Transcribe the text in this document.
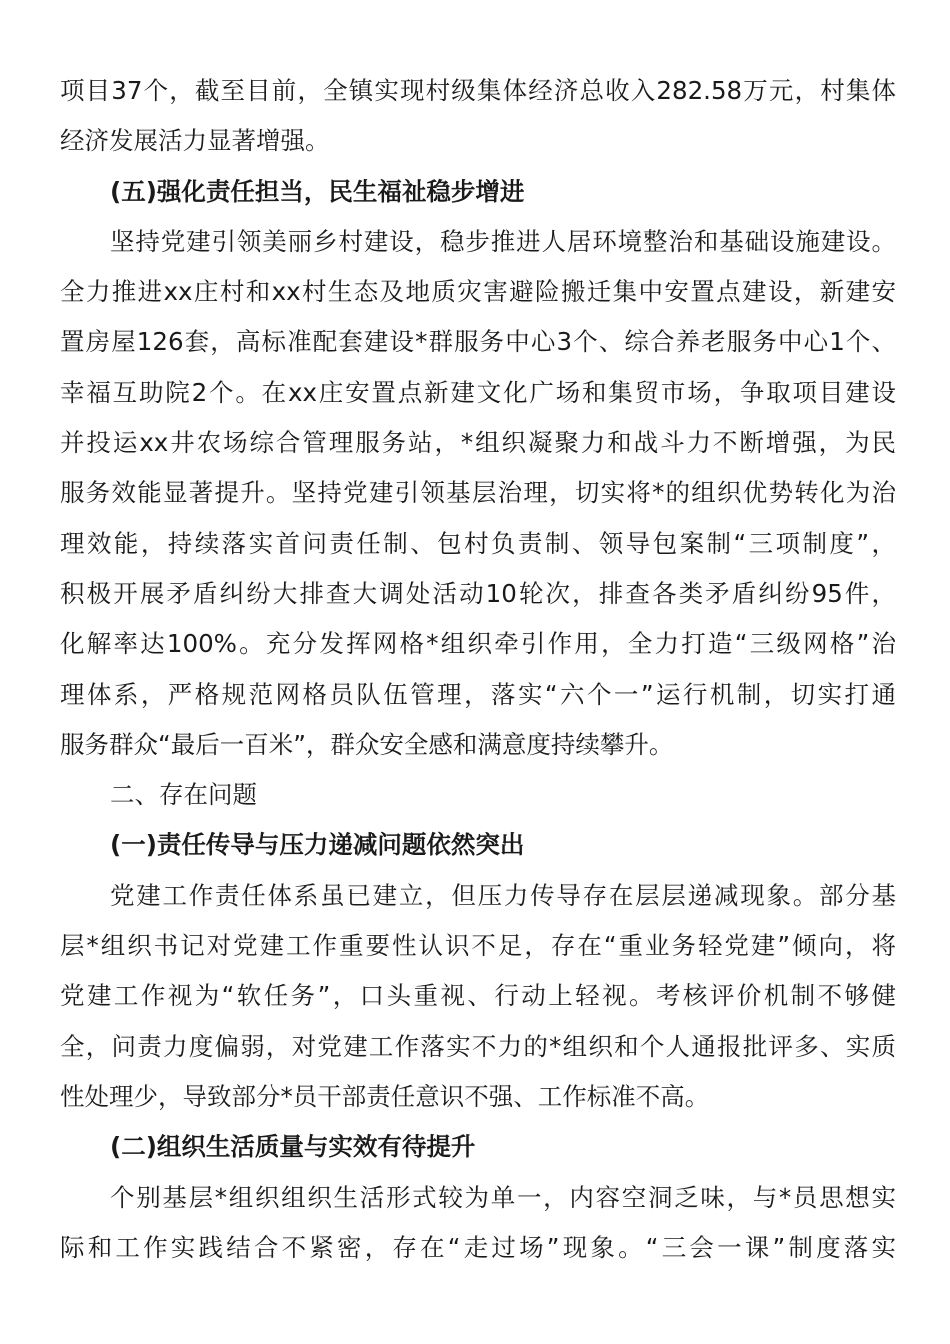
项目37个，截至目前，全镇实现村级集体经济总收入282.58万元，村集体
经济发展活力显著增强。
(五)强化责任担当，民生福祉稳步增进
坚持党建引领美丽乡村建设，稳步推进人居环境整治和基础设施建设。
全力推进xx庄村和xx村生态及地质灾害避险搬迁集中安置点建设，新建安
置房屋126套，高标准配套建设*群服务中心3个、综合养老服务中心1个、
幸福互助院2个。在xx庄安置点新建文化广场和集贸市场，争取项目建设
并投运xx井农场综合管理服务站，*组织凝聚力和战斗力不断增强，为民
服务效能显著提升。坚持党建引领基层治理，切实将*的组织优势转化为治
理效能，持续落实首问责任制、包村负责制、领导包案制“三项制度”，
积极开展矛盾纠纷大排查大调处活动10轮次，排查各类矛盾纠纷95件，
化解率达100%。充分发挥网格*组织牵引作用，全力打造“三级网格”治
理体系，严格规范网格员队伍管理，落实“六个一”运行机制，切实打通
服务群众“最后一百米”，群众安全感和满意度持续攀升。
二、存在问题
(一)责任传导与压力递减问题依然突出
党建工作责任体系虽已建立，但压力传导存在层层递减现象。部分基
层*组织书记对党建工作重要性认识不足，存在“重业务轻党建”倾向，将
党建工作视为“软任务”，口头重视、行动上轻视。考核评价机制不够健
全，问责力度偏弱，对党建工作落实不力的*组织和个人通报批评多、实质
性处理少，导致部分*员干部责任意识不强、工作标准不高。
(二)组织生活质量与实效有待提升
个别基层*组织组织生活形式较为单一，内容空洞乏味，与*员思想实
际和工作实践结合不紧密，存在“走过场”现象。“三会一课”制度落实
